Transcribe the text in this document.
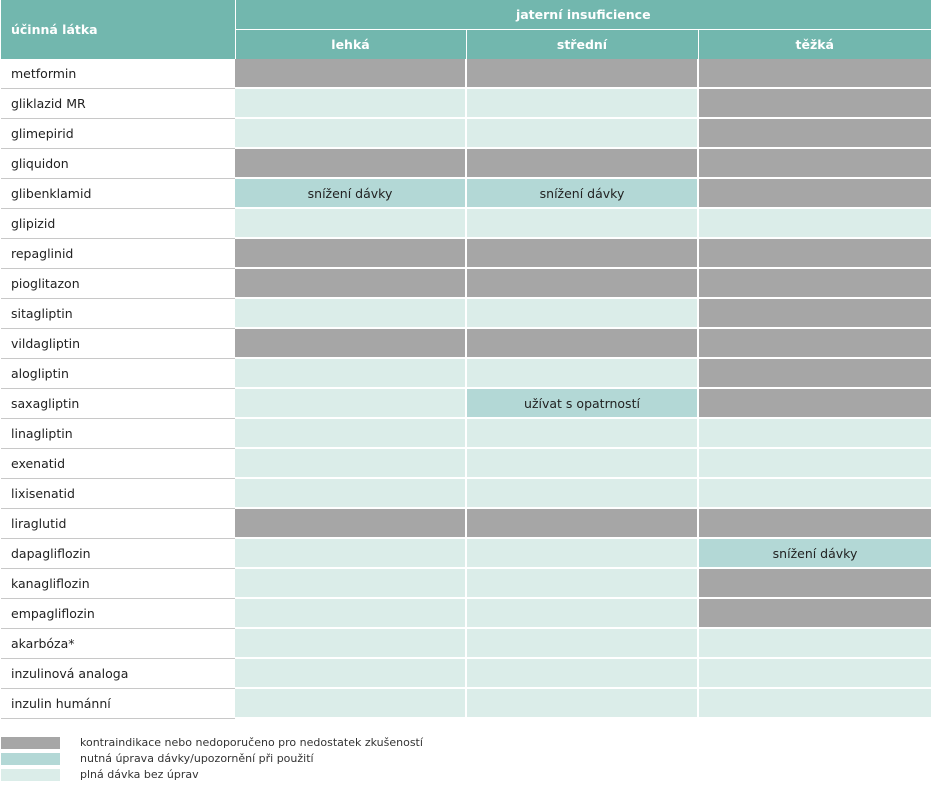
účinná látka	jaterní insuficience		
	lehká	střední	těžká
metformin			
gliklazid MR			
glimepirid			
gliquidon			
glibenklamid	snížení dávky	snížení dávky	
glipizid			
repaglinid			
pioglitazon			
sitagliptin			
vildagliptin			
alogliptin			
saxagliptin		užívat s opatrností	
linagliptin			
exenatid			
lixisenatid			
liraglutid			
dapagliflozin			snížení dávky
kanagliflozin			
empagliflozin			
akarbóza*			
inzulinová analoga			
inzulin humánní			
kontraindikace nebo nedoporučeno pro nedostatek zkušeností
nutná úprava dávky/upozornění při použití
plná dávka bez úprav
